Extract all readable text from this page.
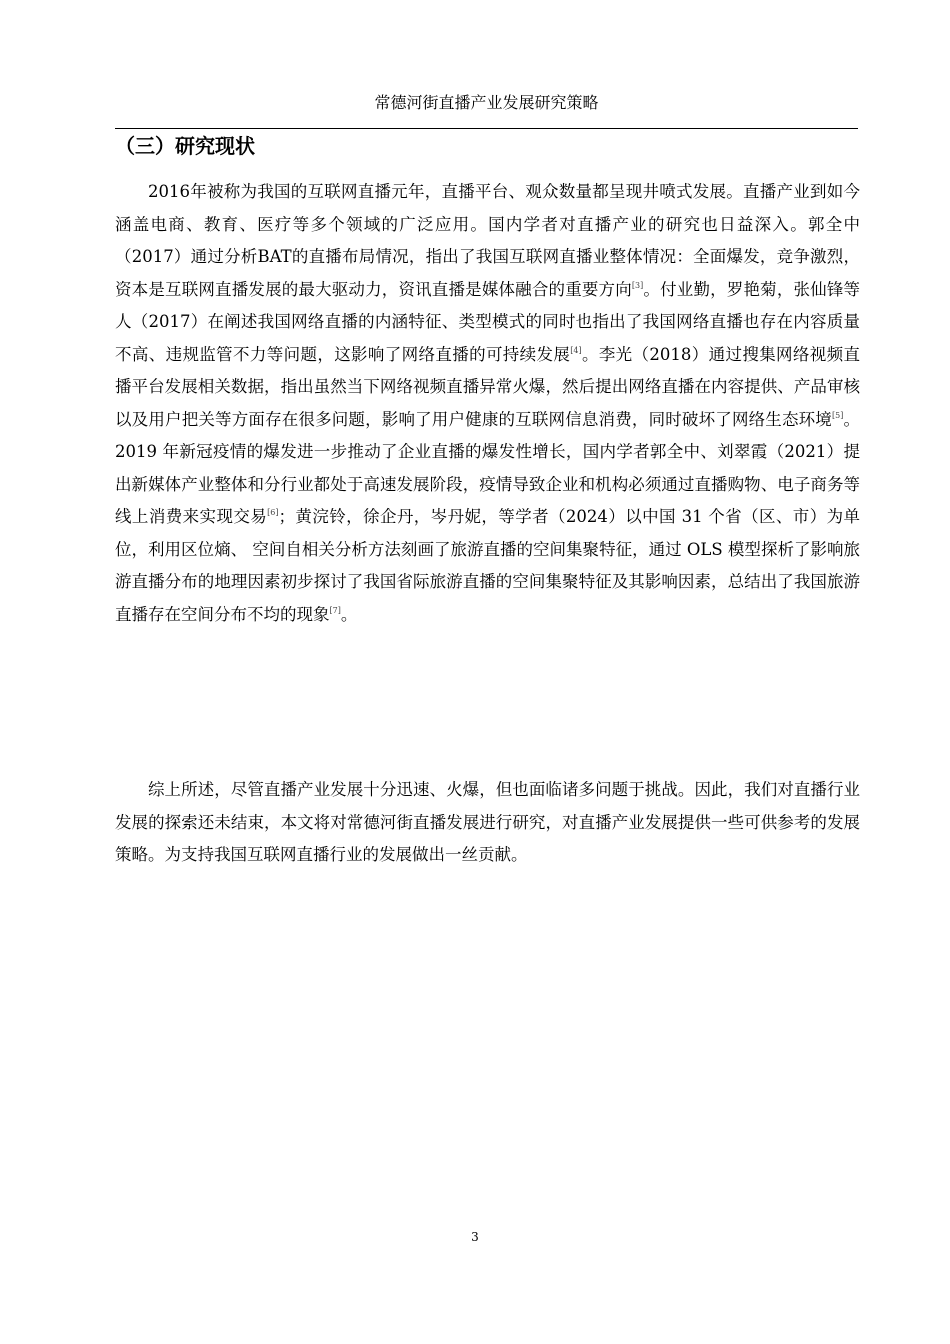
常德河街直播产业发展研究策略
（三）研究现状

2016年被称为我国的互联网直播元年，直播平台、观众数量都呈现井喷式发展。直播产业到如今涵盖电商、教育、医疗等多个领域的广泛应用。国内学者对直播产业的研究也日益深入。郭全中（2017）通过分析BAT的直播布局情况，指出了我国互联网直播业整体情况：全面爆发，竞争激烈，资本是互联网直播发展的最大驱动力，资讯直播是媒体融合的重要方向[3]。付业勤，罗艳菊，张仙锋等人（2017）在阐述我国网络直播的内涵特征、类型模式的同时也指出了我国网络直播也存在内容质量不高、违规监管不力等问题，这影响了网络直播的可持续发展[4]。李光（2018）通过搜集网络视频直播平台发展相关数据，指出虽然当下网络视频直播异常火爆，然后提出网络直播在内容提供、产品审核以及用户把关等方面存在很多问题，影响了用户健康的互联网信息消费，同时破坏了网络生态环境[5]。2019 年新冠疫情的爆发进一步推动了企业直播的爆发性增长，国内学者郭全中、刘翠霞（2021）提出新媒体产业整体和分行业都处于高速发展阶段，疫情导致企业和机构必须通过直播购物、电子商务等线上消费来实现交易[6]；黄浣铃，徐企丹，岑丹妮，等学者（2024）以中国 31 个省（区、市）为单位，利用区位熵、 空间自相关分析方法刻画了旅游直播的空间集聚特征，通过 OLS 模型探析了影响旅游直播分布的地理因素初步探讨了我国省际旅游直播的空间集聚特征及其影响因素，总结出了我国旅游直播存在空间分布不均的现象[7]。

综上所述，尽管直播产业发展十分迅速、火爆，但也面临诸多问题于挑战。因此，我们对直播行业发展的探索还未结束，本文将对常德河街直播发展进行研究，对直播产业发展提供一些可供参考的发展策略。为支持我国互联网直播行业的发展做出一丝贡献。

3
